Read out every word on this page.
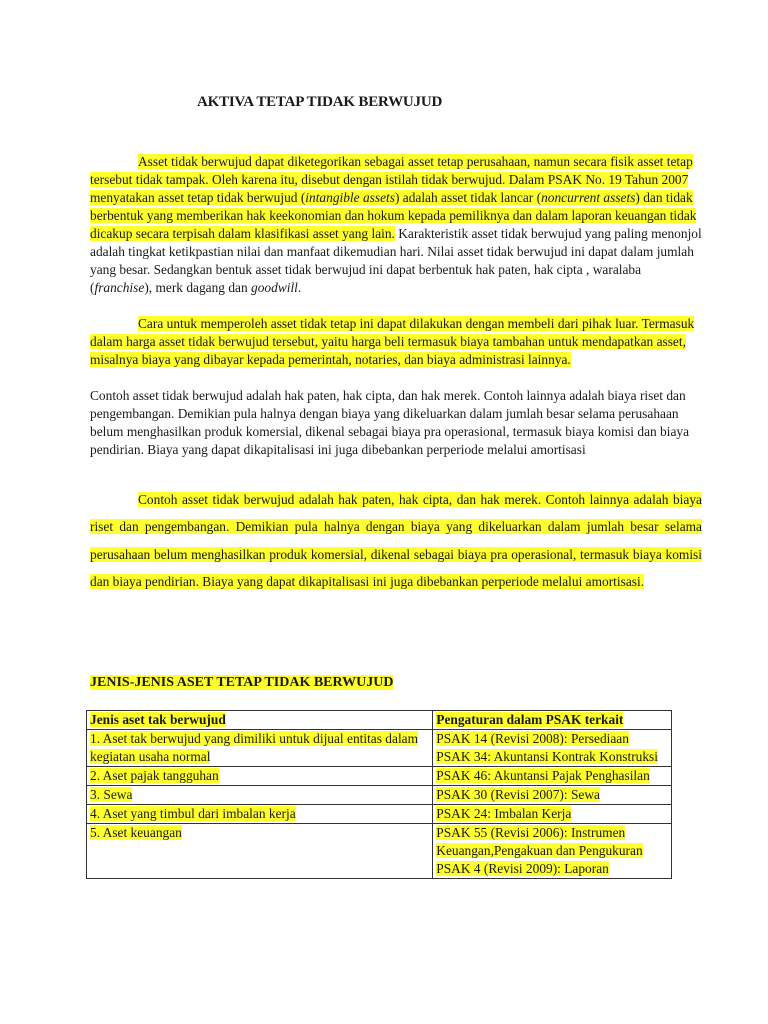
AKTIVA TETAP TIDAK BERWUJUD
Asset tidak berwujud dapat diketegorikan sebagai asset tetap perusahaan, namun secara fisik asset tetap tersebut tidak tampak. Oleh karena itu, disebut dengan istilah tidak berwujud. Dalam PSAK No. 19 Tahun 2007 menyatakan asset tetap tidak berwujud (intangible assets) adalah asset tidak lancar (noncurrent assets) dan tidak berbentuk yang memberikan hak keekonomian dan hokum kepada pemiliknya dan dalam laporan keuangan tidak dicakup secara terpisah dalam klasifikasi asset yang lain. Karakteristik asset tidak berwujud yang paling menonjol adalah tingkat ketikpastian nilai dan manfaat dikemudian hari. Nilai asset tidak berwujud ini dapat dalam jumlah yang besar. Sedangkan bentuk asset tidak berwujud ini dapat berbentuk hak paten, hak cipta , waralaba (franchise), merk dagang dan goodwill.
Cara untuk memperoleh asset tidak tetap ini dapat dilakukan dengan membeli dari pihak luar. Termasuk dalam harga asset tidak berwujud tersebut, yaitu harga beli termasuk biaya tambahan untuk mendapatkan asset, misalnya biaya yang dibayar kepada pemerintah, notaries, dan biaya administrasi lainnya.
Contoh asset tidak berwujud adalah hak paten, hak cipta, dan hak merek. Contoh lainnya adalah biaya riset dan pengembangan. Demikian pula halnya dengan biaya yang dikeluarkan dalam jumlah besar selama perusahaan belum menghasilkan produk komersial, dikenal sebagai biaya pra operasional, termasuk biaya komisi dan biaya pendirian. Biaya yang dapat dikapitalisasi ini juga dibebankan perperiode melalui amortisasi
Contoh asset tidak berwujud adalah hak paten, hak cipta, dan hak merek. Contoh lainnya adalah biaya riset dan pengembangan. Demikian pula halnya dengan biaya yang dikeluarkan dalam jumlah besar selama perusahaan belum menghasilkan produk komersial, dikenal sebagai biaya pra operasional, termasuk biaya komisi dan biaya pendirian. Biaya yang dapat dikapitalisasi ini juga dibebankan perperiode melalui amortisasi.
JENIS-JENIS ASET TETAP TIDAK BERWUJUD
Jenis aset tak berwujud	Pengaturan dalam PSAK terkait
1. Aset tak berwujud yang dimiliki untuk dijual entitas dalam kegiatan usaha normal	PSAK 14 (Revisi 2008): Persediaan
PSAK 34: Akuntansi Kontrak Konstruksi

2. Aset pajak tangguhan	PSAK 46: Akuntansi Pajak Penghasilan

3. Sewa	PSAK 30 (Revisi 2007): Sewa

4. Aset yang timbul dari imbalan kerja	PSAK 24: Imbalan Kerja

5. Aset keuangan	PSAK 55 (Revisi 2006): Instrumen Keuangan,Pengakuan dan Pengukuran
PSAK 4 (Revisi 2009): Laporan
